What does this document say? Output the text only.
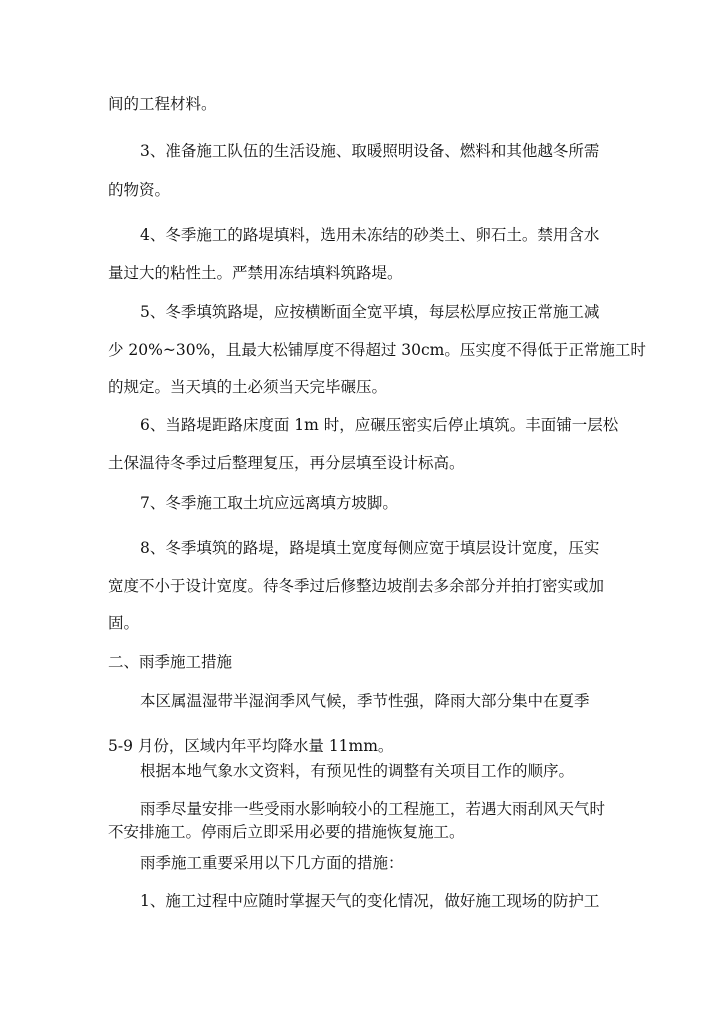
间的工程材料。
3、准备施工队伍的生活设施、取暖照明设备、燃料和其他越冬所需
的物资。
4、冬季施工的路堤填料，选用未冻结的砂类土、卵石土。禁用含水
量过大的粘性土。严禁用冻结填料筑路堤。
5、冬季填筑路堤，应按横断面全宽平填，每层松厚应按正常施工减
少 20%~30%，且最大松铺厚度不得超过 30cm。压实度不得低于正常施工时
的规定。当天填的土必须当天完毕碾压。
6、当路堤距路床度面 1m 时，应碾压密实后停止填筑。丰面铺一层松
土保温待冬季过后整理复压，再分层填至设计标高。
7、冬季施工取土坑应远离填方坡脚。
8、冬季填筑的路堤，路堤填土宽度每侧应宽于填层设计宽度，压实
宽度不小于设计宽度。待冬季过后修整边坡削去多余部分并拍打密实或加
固。
二、雨季施工措施
本区属温湿带半湿润季风气候，季节性强，降雨大部分集中在夏季
5-9 月份，区域内年平均降水量 11mm。
根据本地气象水文资料，有预见性的调整有关项目工作的顺序。
雨季尽量安排一些受雨水影响较小的工程施工，若遇大雨刮风天气时
不安排施工。停雨后立即采用必要的措施恢复施工。
雨季施工重要采用以下几方面的措施：
1、施工过程中应随时掌握天气的变化情况，做好施工现场的防护工
